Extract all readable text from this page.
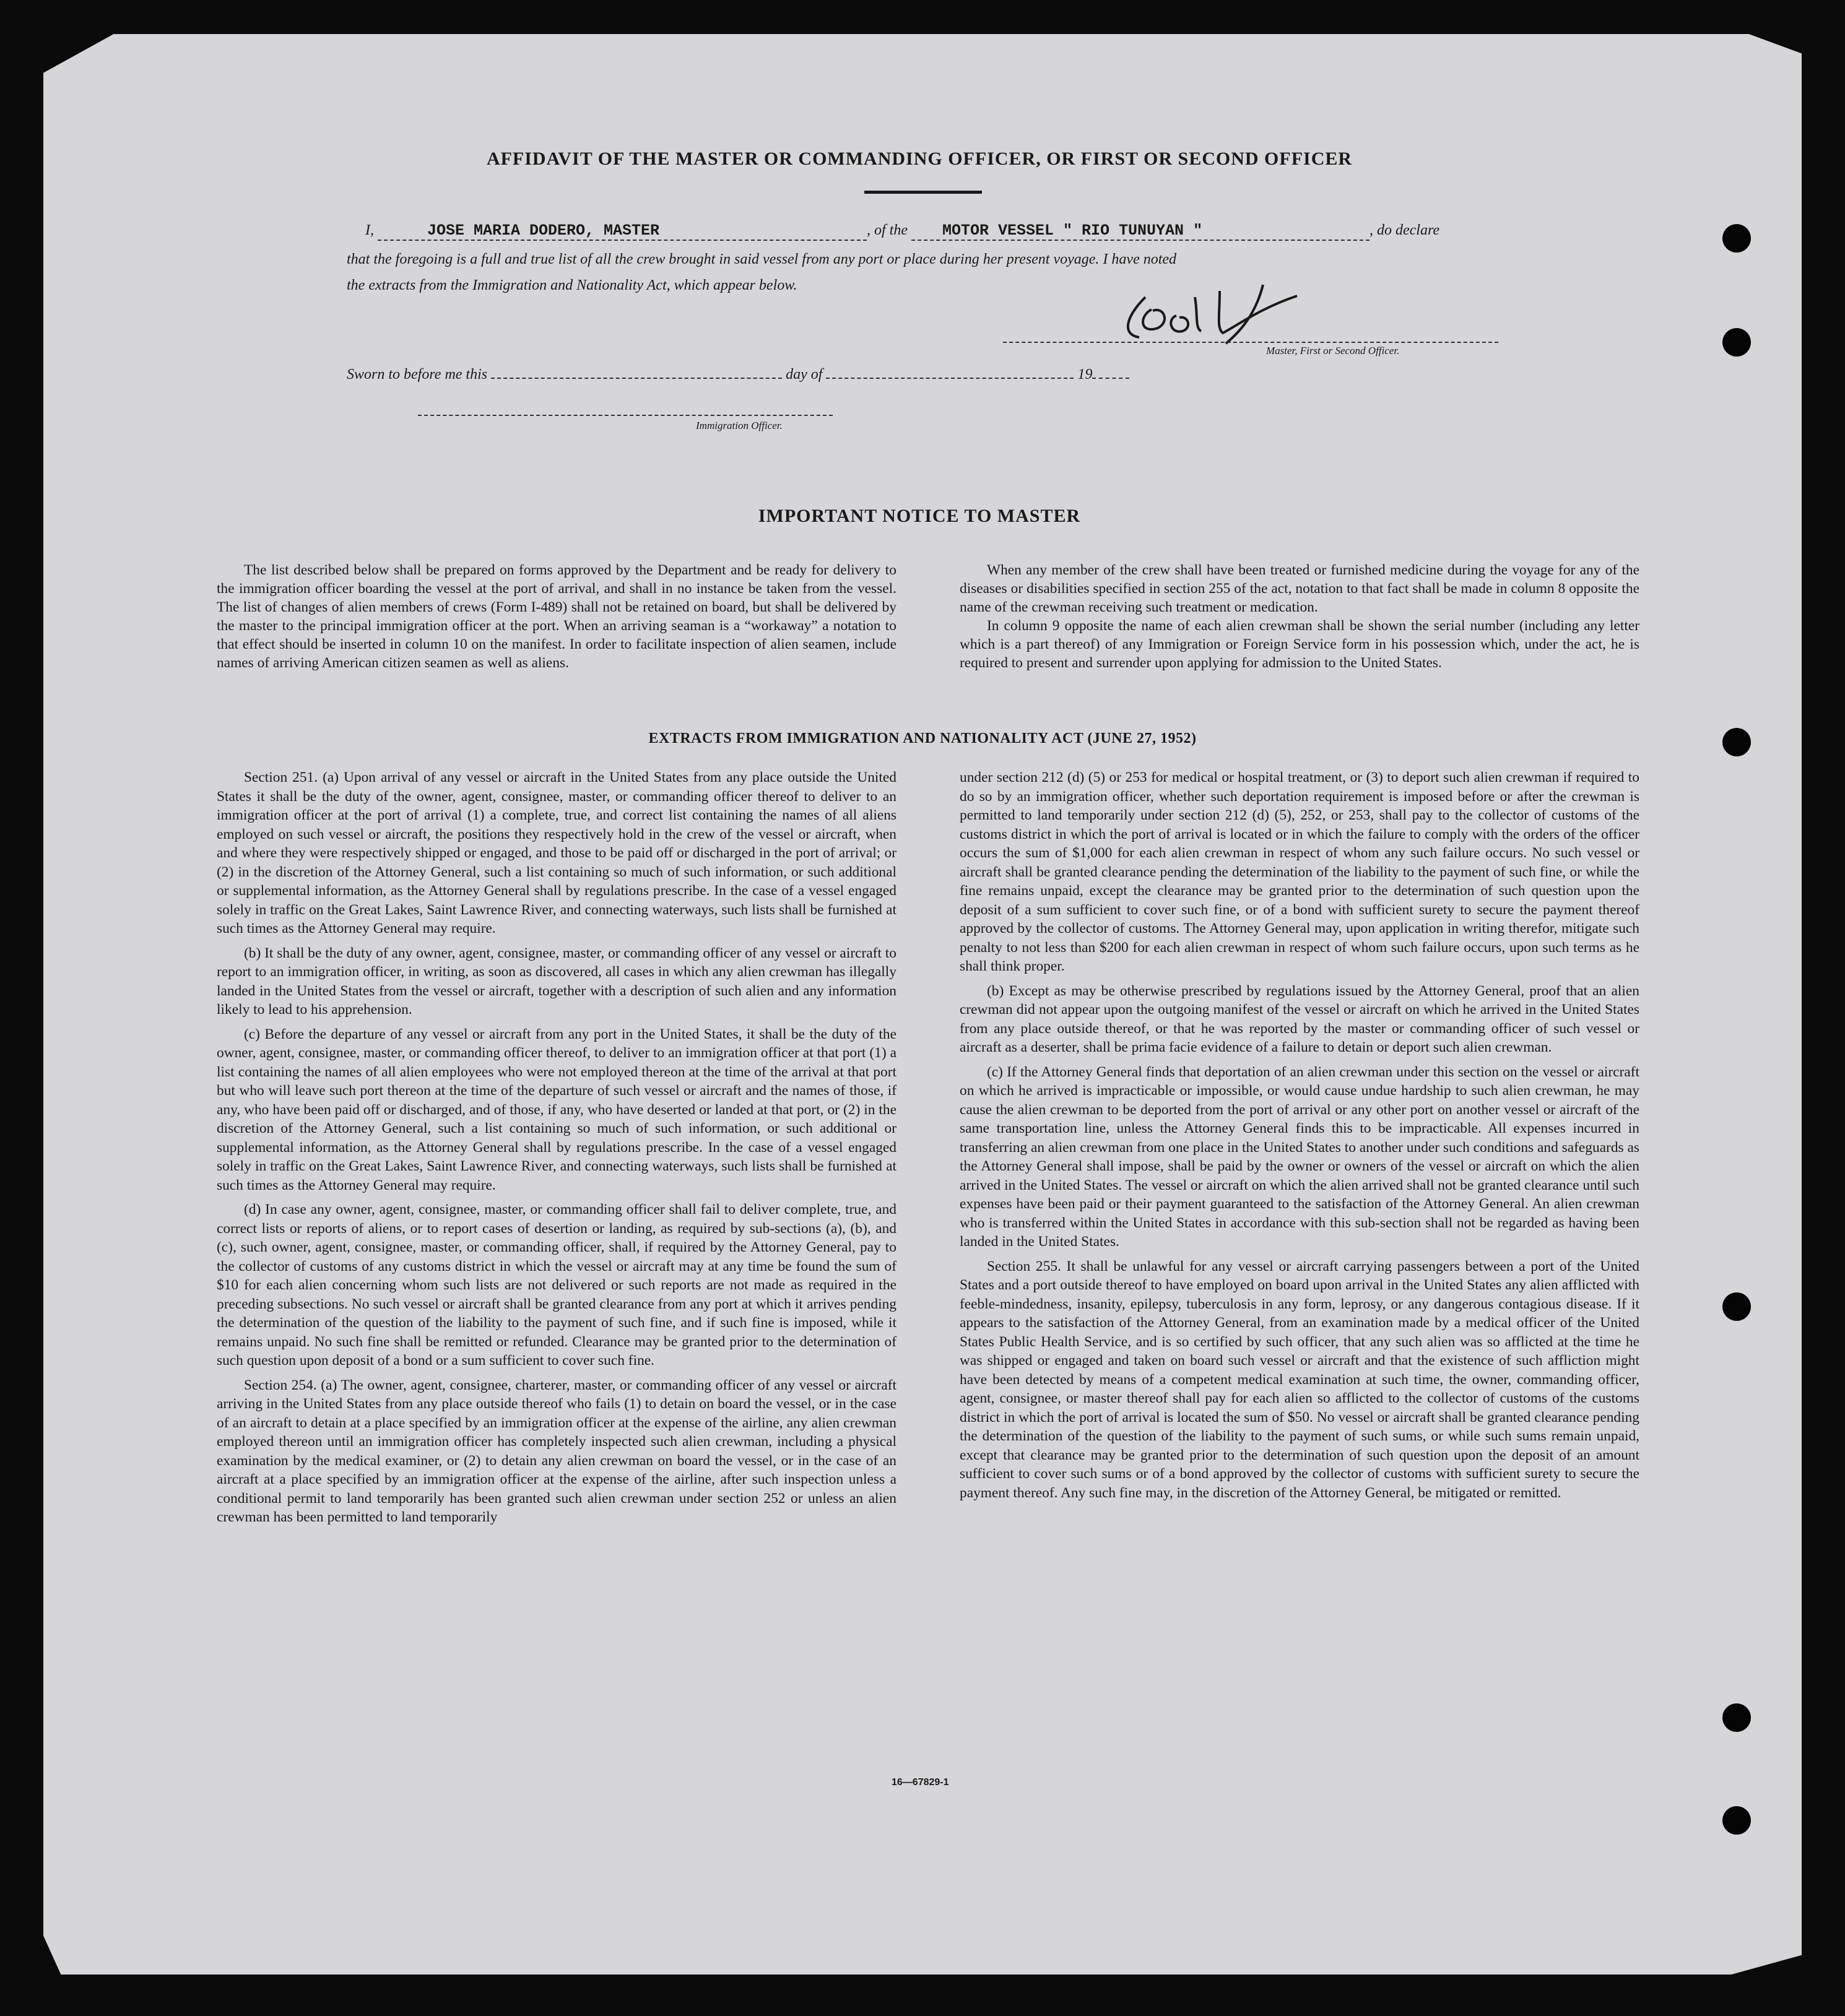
AFFIDAVIT OF THE MASTER OR COMMANDING OFFICER, OR FIRST OR SECOND OFFICER
I,	JOSE MARIA DODERO, MASTER	, of the MOTOR VESSEL " RIO TUNUYAN "	, do declare
that the foregoing is a full and true list of all the crew brought in said vessel from any port or place during her present voyage. I have noted
the extracts from the Immigration and Nationality Act, which appear below.
Master, First or Second Officer.
Sworn to before me this	day of	19
Immigration Officer.
IMPORTANT NOTICE TO MASTER

The list described below shall be prepared on forms approved by the Department and be ready for delivery to the immigration officer boarding the vessel at the port of arrival, and shall in no instance be taken from the vessel. The list of changes of alien members of crews (Form I-489) shall not be retained on board, but shall be delivered by the master to the principal immigration officer at the port. When an arriving seaman is a “workaway” a notation to that effect should be inserted in column 10 on the manifest. In order to facilitate inspection of alien seamen, include names of arriving American citizen seamen as well as aliens.

When any member of the crew shall have been treated or furnished medicine during the voyage for any of the diseases or disabilities specified in section 255 of the act, notation to that fact shall be made in column 8 opposite the name of the crewman receiving such treatment or medication.

In column 9 opposite the name of each alien crewman shall be shown the serial number (including any letter which is a part thereof) of any Immigration or Foreign Service form in his possession which, under the act, he is required to present and surrender upon applying for admission to the United States.

EXTRACTS FROM IMMIGRATION AND NATIONALITY ACT (JUNE 27, 1952)

Section 251. (a) Upon arrival of any vessel or aircraft in the United States from any place outside the United States it shall be the duty of the owner, agent, consignee, master, or commanding officer thereof to deliver to an immigration officer at the port of arrival (1) a complete, true, and correct list containing the names of all aliens employed on such vessel or aircraft, the positions they respectively hold in the crew of the vessel or aircraft, when and where they were respectively shipped or engaged, and those to be paid off or discharged in the port of arrival; or (2) in the discretion of the Attorney General, such a list containing so much of such information, or such additional or supplemental information, as the Attorney General shall by regulations prescribe. In the case of a vessel engaged solely in traffic on the Great Lakes, Saint Lawrence River, and connecting waterways, such lists shall be furnished at such times as the Attorney General may require.

(b) It shall be the duty of any owner, agent, consignee, master, or commanding officer of any vessel or aircraft to report to an immigration officer, in writing, as soon as discovered, all cases in which any alien crewman has illegally landed in the United States from the vessel or aircraft, together with a description of such alien and any information likely to lead to his apprehension.

(c) Before the departure of any vessel or aircraft from any port in the United States, it shall be the duty of the owner, agent, consignee, master, or commanding officer thereof, to deliver to an immigration officer at that port (1) a list containing the names of all alien employees who were not employed thereon at the time of the arrival at that port but who will leave such port thereon at the time of the departure of such vessel or aircraft and the names of those, if any, who have been paid off or discharged, and of those, if any, who have deserted or landed at that port, or (2) in the discretion of the Attorney General, such a list containing so much of such information, or such additional or supplemental information, as the Attorney General shall by regulations prescribe. In the case of a vessel engaged solely in traffic on the Great Lakes, Saint Lawrence River, and connecting waterways, such lists shall be furnished at such times as the Attorney General may require.

(d) In case any owner, agent, consignee, master, or commanding officer shall fail to deliver complete, true, and correct lists or reports of aliens, or to report cases of desertion or landing, as required by sub-sections (a), (b), and (c), such owner, agent, consignee, master, or commanding officer, shall, if required by the Attorney General, pay to the collector of customs of any customs district in which the vessel or aircraft may at any time be found the sum of $10 for each alien concerning whom such lists are not delivered or such reports are not made as required in the preceding subsections. No such vessel or aircraft shall be granted clearance from any port at which it arrives pending the determination of the question of the liability to the payment of such fine, and if such fine is imposed, while it remains unpaid. No such fine shall be remitted or refunded. Clearance may be granted prior to the determination of such question upon deposit of a bond or a sum sufficient to cover such fine.

Section 254. (a) The owner, agent, consignee, charterer, master, or commanding officer of any vessel or aircraft arriving in the United States from any place outside thereof who fails (1) to detain on board the vessel, or in the case of an aircraft to detain at a place specified by an immigration officer at the expense of the airline, any alien crewman employed thereon until an immigration officer has completely inspected such alien crewman, including a physical examination by the medical examiner, or (2) to detain any alien crewman on board the vessel, or in the case of an aircraft at a place specified by an immigration officer at the expense of the airline, after such inspection unless a conditional permit to land temporarily has been granted such alien crewman under section 252 or unless an alien crewman has been permitted to land temporarily

under section 212 (d) (5) or 253 for medical or hospital treatment, or (3) to deport such alien crewman if required to do so by an immigration officer, whether such deportation requirement is imposed before or after the crewman is permitted to land temporarily under section 212 (d) (5), 252, or 253, shall pay to the collector of customs of the customs district in which the port of arrival is located or in which the failure to comply with the orders of the officer occurs the sum of $1,000 for each alien crewman in respect of whom any such failure occurs. No such vessel or aircraft shall be granted clearance pending the determination of the liability to the payment of such fine, or while the fine remains unpaid, except the clearance may be granted prior to the determination of such question upon the deposit of a sum sufficient to cover such fine, or of a bond with sufficient surety to secure the payment thereof approved by the collector of customs. The Attorney General may, upon application in writing therefor, mitigate such penalty to not less than $200 for each alien crewman in respect of whom such failure occurs, upon such terms as he shall think proper.

(b) Except as may be otherwise prescribed by regulations issued by the Attorney General, proof that an alien crewman did not appear upon the outgoing manifest of the vessel or aircraft on which he arrived in the United States from any place outside thereof, or that he was reported by the master or commanding officer of such vessel or aircraft as a deserter, shall be prima facie evidence of a failure to detain or deport such alien crewman.

(c) If the Attorney General finds that deportation of an alien crewman under this section on the vessel or aircraft on which he arrived is impracticable or impossible, or would cause undue hardship to such alien crewman, he may cause the alien crewman to be deported from the port of arrival or any other port on another vessel or aircraft of the same transportation line, unless the Attorney General finds this to be impracticable. All expenses incurred in transferring an alien crewman from one place in the United States to another under such conditions and safeguards as the Attorney General shall impose, shall be paid by the owner or owners of the vessel or aircraft on which the alien arrived in the United States. The vessel or aircraft on which the alien arrived shall not be granted clearance until such expenses have been paid or their payment guaranteed to the satisfaction of the Attorney General. An alien crewman who is transferred within the United States in accordance with this sub-section shall not be regarded as having been landed in the United States.

Section 255. It shall be unlawful for any vessel or aircraft carrying passengers between a port of the United States and a port outside thereof to have employed on board upon arrival in the United States any alien afflicted with feeble-mindedness, insanity, epilepsy, tuberculosis in any form, leprosy, or any dangerous contagious disease. If it appears to the satisfaction of the Attorney General, from an examination made by a medical officer of the United States Public Health Service, and is so certified by such officer, that any such alien was so afflicted at the time he was shipped or engaged and taken on board such vessel or aircraft and that the existence of such affliction might have been detected by means of a competent medical examination at such time, the owner, commanding officer, agent, consignee, or master thereof shall pay for each alien so afflicted to the collector of customs of the customs district in which the port of arrival is located the sum of $50. No vessel or aircraft shall be granted clearance pending the determination of the question of the liability to the payment of such sums, or while such sums remain unpaid, except that clearance may be granted prior to the determination of such question upon the deposit of an amount sufficient to cover such sums or of a bond approved by the collector of customs with sufficient surety to secure the payment thereof. Any such fine may, in the discretion of the Attorney General, be mitigated or remitted.

16—67829-1
